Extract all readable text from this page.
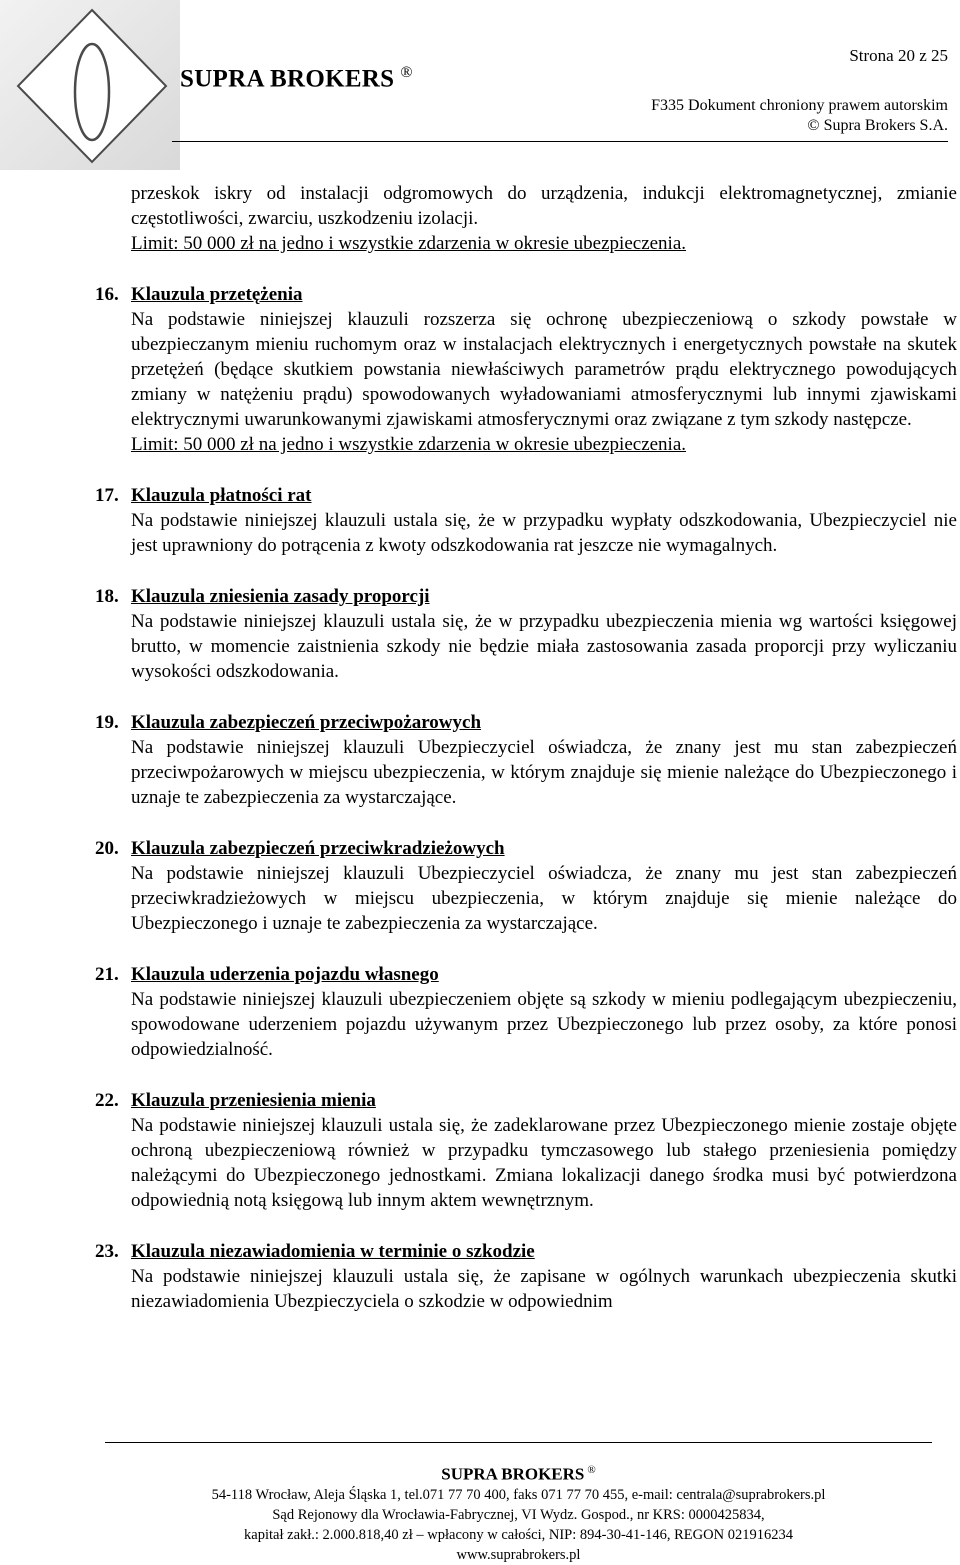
SUPRA BROKERS ®
Strona 20 z 25
F335 Dokument chroniony prawem autorskim
© Supra Brokers S.A.

przeskok iskry od instalacji odgromowych do urządzenia, indukcji elektromagnetycznej, zmianie częstotliwości, zwarciu, uszkodzeniu izolacji.

Limit: 50 000 zł na jedno i wszystkie zdarzenia w okresie ubezpieczenia.

16. Klauzula przetężenia

Na podstawie niniejszej klauzuli rozszerza się ochronę ubezpieczeniową o szkody powstałe w ubezpieczanym mieniu ruchomym oraz w instalacjach elektrycznych i energetycznych powstałe na skutek przetężeń (będące skutkiem powstania niewłaściwych parametrów prądu elektrycznego powodujących zmiany w natężeniu prądu) spowodowanych wyładowaniami atmosferycznymi lub innymi zjawiskami elektrycznymi uwarunkowanymi zjawiskami atmosferycznymi oraz związane z tym szkody następcze.

Limit: 50 000 zł na jedno i wszystkie zdarzenia w okresie ubezpieczenia.

17. Klauzula płatności rat

Na podstawie niniejszej klauzuli ustala się, że w przypadku wypłaty odszkodowania, Ubezpieczyciel nie jest uprawniony do potrącenia z kwoty odszkodowania rat jeszcze nie wymagalnych.

18. Klauzula zniesienia zasady proporcji

Na podstawie niniejszej klauzuli ustala się, że w przypadku ubezpieczenia mienia wg wartości księgowej brutto, w momencie zaistnienia szkody nie będzie miała zastosowania zasada proporcji przy wyliczaniu wysokości odszkodowania.

19. Klauzula zabezpieczeń przeciwpożarowych

Na podstawie niniejszej klauzuli Ubezpieczyciel oświadcza, że znany jest mu stan zabezpieczeń przeciwpożarowych w miejscu ubezpieczenia, w którym znajduje się mienie należące do Ubezpieczonego i uznaje te zabezpieczenia za wystarczające.

20. Klauzula zabezpieczeń przeciwkradzieżowych

Na podstawie niniejszej klauzuli Ubezpieczyciel oświadcza, że znany mu jest stan zabezpieczeń przeciwkradzieżowych w miejscu ubezpieczenia, w którym znajduje się mienie należące do Ubezpieczonego i uznaje te zabezpieczenia za wystarczające.

21. Klauzula uderzenia pojazdu własnego

Na podstawie niniejszej klauzuli ubezpieczeniem objęte są szkody w mieniu podlegającym ubezpieczeniu, spowodowane uderzeniem pojazdu używanym przez Ubezpieczonego lub przez osoby, za które ponosi odpowiedzialność.

22. Klauzula przeniesienia mienia

Na podstawie niniejszej klauzuli ustala się, że zadeklarowane przez Ubezpieczonego mienie zostaje objęte ochroną ubezpieczeniową również w przypadku tymczasowego lub stałego przeniesienia pomiędzy należącymi do Ubezpieczonego jednostkami. Zmiana lokalizacji danego środka musi być potwierdzona odpowiednią notą księgową lub innym aktem wewnętrznym.

23. Klauzula niezawiadomienia w terminie o szkodzie

Na podstawie niniejszej klauzuli ustala się, że zapisane w ogólnych warunkach ubezpieczenia skutki niezawiadomienia Ubezpieczyciela o szkodzie w odpowiednim

SUPRA BROKERS ®
54-118 Wrocław, Aleja Śląska 1, tel.071 77 70 400, faks 071 77 70 455, e-mail: centrala@suprabrokers.pl
Sąd Rejonowy dla Wrocławia-Fabrycznej, VI Wydz. Gospod., nr KRS: 0000425834,
kapitał zakł.: 2.000.818,40 zł – wpłacony w całości, NIP: 894-30-41-146, REGON 021916234
www.suprabrokers.pl
